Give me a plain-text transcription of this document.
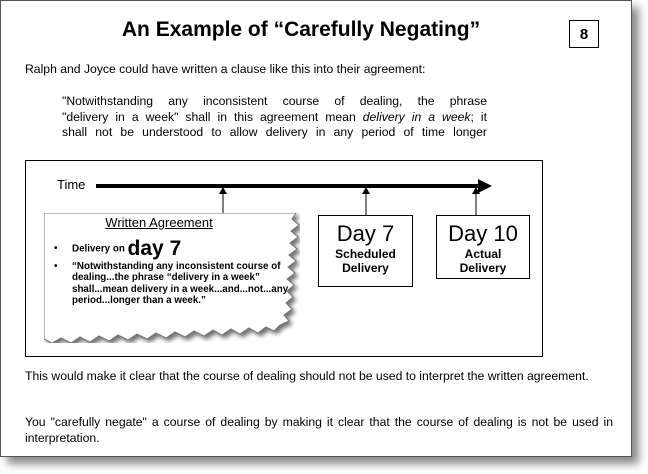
An Example of “Carefully Negating”	8
Ralph and Joyce could have written a clause like this into their agreement:
"Notwithstanding any inconsistent course of dealing, the phrase
"delivery in a week" shall in this agreement mean delivery in a week; it
shall not be understood to allow delivery in any period of time longer
Time
Written Agreement
• Delivery on day 7
• “Notwithstanding any inconsistent course of dealing...the phrase “delivery in a week” shall...mean delivery in a week...and...not...any period...longer than a week.”
Day 7
Scheduled
Delivery
Day 10
Actual
Delivery
This would make it clear that the course of dealing should not be used to interpret the written agreement.
You "carefully negate" a course of dealing by making it clear that the course of dealing is not be used in interpretation.
